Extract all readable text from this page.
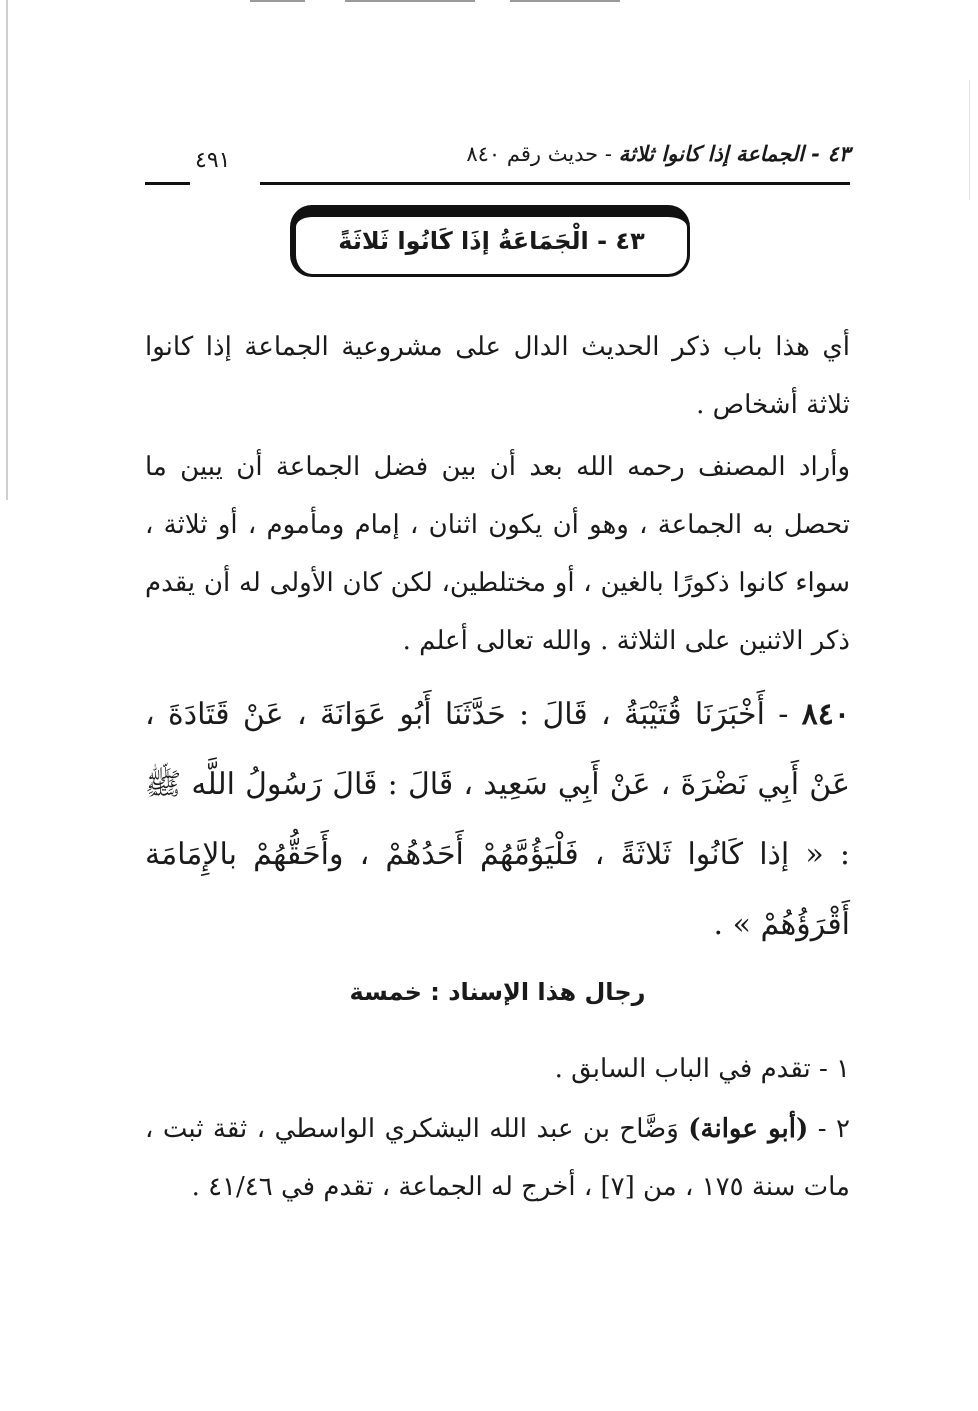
٤٣ - الجماعة إذا كانوا ثلاثة - حديث رقم ٨٤٠
٤٩١
٤٣ - الْجَمَاعَةُ إذَا كَانُوا ثَلاثَةً
أي هذا باب ذكر الحديث الدال على مشروعية الجماعة إذا كانوا ثلاثة أشخاص .
وأراد المصنف رحمه الله بعد أن بين فضل الجماعة أن يبين ما تحصل به الجماعة ، وهو أن يكون اثنان ، إمام ومأموم ، أو ثلاثة ، سواء كانوا ذكورًا بالغين ، أو مختلطين، لكن كان الأولى له أن يقدم ذكر الاثنين على الثلاثة . والله تعالى أعلم .
٨٤٠ - أَخْبَرَنَا قُتَيْبَةُ ، قَالَ : حَدَّثَنَا أَبُو عَوَانَةَ ، عَنْ قَتَادَةَ ، عَنْ أَبِي نَضْرَةَ ، عَنْ أَبِي سَعِيد ، قَالَ : قَالَ رَسُولُ اللَّه ﷺ : « إذا كَانُوا ثَلاثَةً ، فَلْيَؤُمَّهُمْ أَحَدُهُمْ ، وأَحَقُّهُمْ بالإِمَامَة أَقْرَؤُهُمْ » .
رجال هذا الإسناد : خمسة
١ - تقدم في الباب السابق .
٢ - (أبو عوانة) وَضَّاح بن عبد الله اليشكري الواسطي ، ثقة ثبت ، مات سنة ١٧٥ ، من [٧] ، أخرج له الجماعة ، تقدم في ٤١/٤٦ .
